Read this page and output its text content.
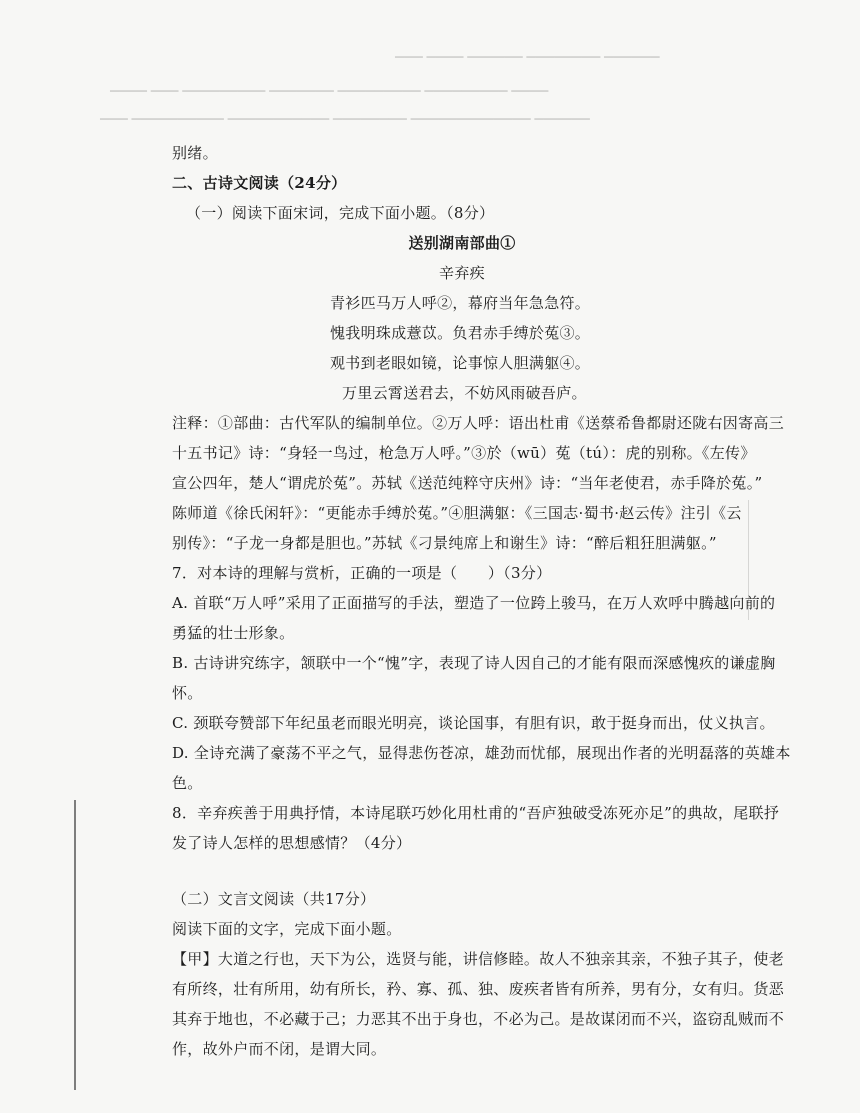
▁▁▁ ▁▁▁▁ ▁▁▁▁▁▁ ▁▁▁▁▁▁▁▁ ▁▁▁▁▁▁
▁▁▁▁ ▁▁▁ ▁▁▁▁▁▁▁▁▁ ▁▁▁▁▁▁▁ ▁▁▁▁▁▁▁▁▁ ▁▁▁▁▁▁▁▁▁ ▁▁▁▁
▁▁▁ ▁▁▁▁▁▁▁▁▁▁ ▁▁▁▁▁▁▁▁▁▁▁ ▁▁▁▁▁▁▁▁ ▁▁▁▁▁▁▁▁▁▁▁▁▁ ▁▁▁▁▁▁
别绪。
二、古诗文阅读（24分）
（一）阅读下面宋词，完成下面小题。（8分）
送别湖南部曲①
辛弃疾
青衫匹马万人呼②，幕府当年急急符。
愧我明珠成薏苡。负君赤手缚於菟③。
观书到老眼如镜，论事惊人胆满躯④。
万里云霄送君去，不妨风雨破吾庐。
注释：①部曲：古代军队的编制单位。②万人呼：语出杜甫《送蔡希鲁都尉还陇右因寄高三
十五书记》诗：“身轻一鸟过，枪急万人呼。”③於（wū）菟（tú）：虎的别称。《左传》
宣公四年，楚人“谓虎於菟”。苏轼《送范纯粹守庆州》诗：“当年老使君，赤手降於菟。”
陈师道《徐氏闲轩》：“更能赤手缚於菟。”④胆满躯：《三国志·蜀书·赵云传》注引《云
别传》：“子龙一身都是胆也。”苏轼《刁景纯席上和谢生》诗：“醉后粗狂胆满躯。”
7．对本诗的理解与赏析，正确的一项是（　　）（3分）
A. 首联“万人呼”采用了正面描写的手法，塑造了一位跨上骏马，在万人欢呼中腾越向前的
勇猛的壮士形象。
B. 古诗讲究练字，颔联中一个“愧”字，表现了诗人因自己的才能有限而深感愧疚的谦虚胸
怀。
C. 颈联夸赞部下年纪虽老而眼光明亮，谈论国事，有胆有识，敢于挺身而出，仗义执言。
D. 全诗充满了豪荡不平之气，显得悲伤苍凉，雄劲而忧郁，展现出作者的光明磊落的英雄本
色。
8．辛弃疾善于用典抒情，本诗尾联巧妙化用杜甫的“吾庐独破受冻死亦足”的典故，尾联抒
发了诗人怎样的思想感情？（4分）
（二）文言文阅读（共17分）
阅读下面的文字，完成下面小题。
【甲】大道之行也，天下为公，选贤与能，讲信修睦。故人不独亲其亲，不独子其子，使老
有所终，壮有所用，幼有所长，矜、寡、孤、独、废疾者皆有所养，男有分，女有归。货恶
其弃于地也，不必藏于己；力恶其不出于身也，不必为己。是故谋闭而不兴，盗窃乱贼而不
作，故外户而不闭，是谓大同。
